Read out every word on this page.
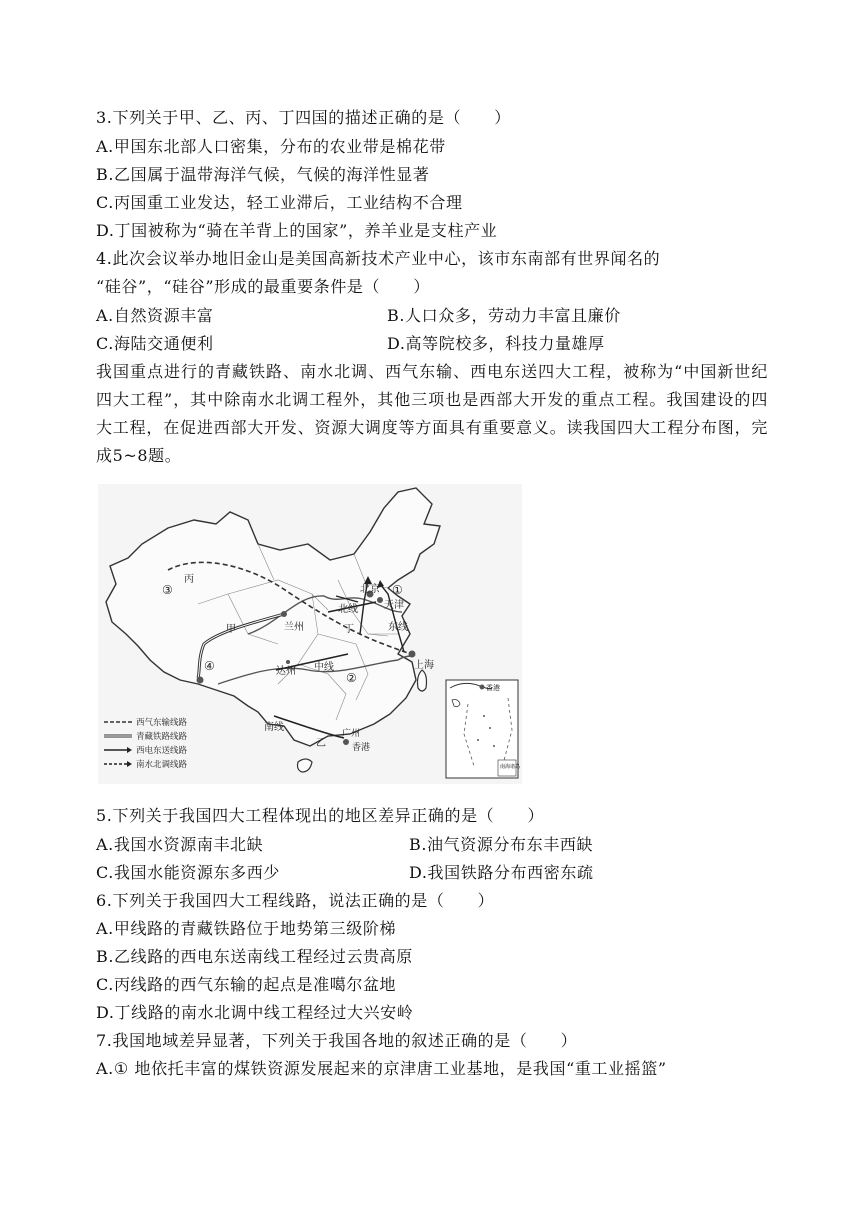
3.下列关于甲、乙、丙、丁四国的描述正确的是（　　）
A.甲国东北部人口密集，分布的农业带是棉花带
B.乙国属于温带海洋气候，气候的海洋性显著
C.丙国重工业发达，轻工业滞后，工业结构不合理
D.丁国被称为“骑在羊背上的国家”，养羊业是支柱产业
4.此次会议举办地旧金山是美国高新技术产业中心，该市东南部有世界闻名的
“硅谷”，“硅谷”形成的最重要条件是（　　）
A.自然资源丰富	B.人口众多，劳动力丰富且廉价
C.海陆交通便利	D.高等院校多，科技力量雄厚
我国重点进行的青藏铁路、南水北调、西气东输、西电东送四大工程，被称为“中国新世纪四大工程”，其中除南水北调工程外，其他三项也是西部大开发的重点工程。我国建设的四大工程，在促进西部大开发、资源大调度等方面具有重要意义。读我国四大工程分布图，完成5~8题。
丙
③
甲	兰州
④
北线
北京
天津
①
丁	东线
达州 中线
②
上海
南线
乙
广州
香港
香港
南海诸岛
西气东输线路
青藏铁路线路
西电东送线路
南水北调线路
5.下列关于我国四大工程体现出的地区差异正确的是（　　）
A.我国水资源南丰北缺	B.油气资源分布东丰西缺
C.我国水能资源东多西少	D.我国铁路分布西密东疏
6.下列关于我国四大工程线路，说法正确的是（　　）
A.甲线路的青藏铁路位于地势第三级阶梯
B.乙线路的西电东送南线工程经过云贵高原
C.丙线路的西气东输的起点是准噶尔盆地
D.丁线路的南水北调中线工程经过大兴安岭
7.我国地域差异显著，下列关于我国各地的叙述正确的是（　　）
A.① 地依托丰富的煤铁资源发展起来的京津唐工业基地，是我国“重工业摇篮”
